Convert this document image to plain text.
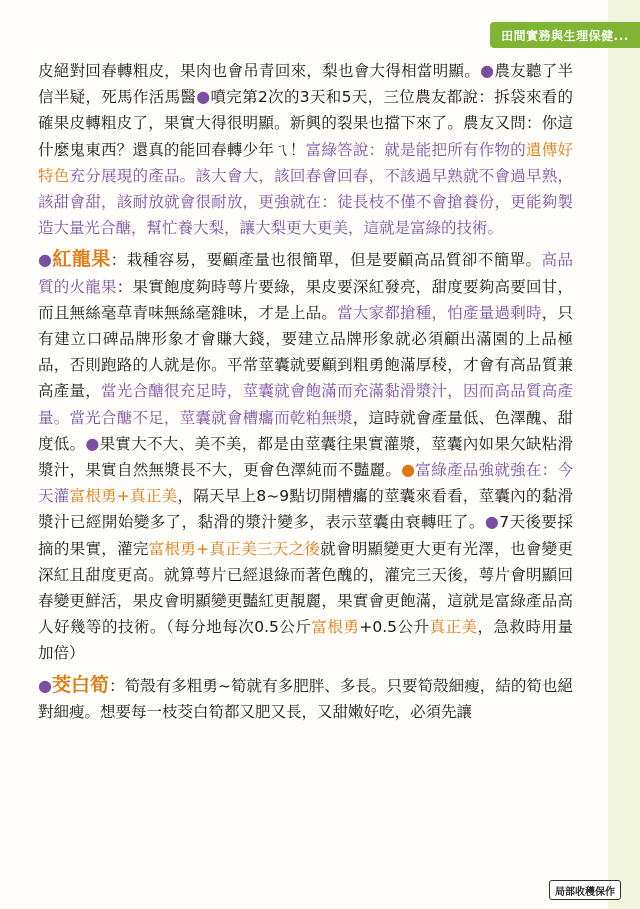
田間實務與生理保健...

皮絕對回春轉粗皮，果肉也會吊青回來，梨也會大得相當明顯。●農友聽了半信半疑，死馬作活馬醫●噴完第2次的3天和5天，三位農友都說：拆袋來看的確果皮轉粗皮了，果實大得很明顯。新興的裂果也擋下來了。農友又問：你這什麼鬼東西？還真的能回春轉少年ㄟ！富綠答說：就是能把所有作物的遺傳好特色充分展現的產品。該大會大，該回春會回春，不該過早熟就不會過早熟，該甜會甜，該耐放就會很耐放，更強就在：徒長枝不僅不會搶養份，更能夠製造大量光合醣，幫忙養大梨，讓大梨更大更美，這就是富綠的技術。

●紅龍果：栽種容易，要顧產量也很簡單，但是要顧高品質卻不簡單。高品質的火龍果：果實飽度夠時萼片要綠，果皮要深紅發亮，甜度要夠高要回甘，而且無絲毫草青味無絲毫雜味，才是上品。當大家都搶種，怕產量過剩時，只有建立口碑品牌形象才會賺大錢，要建立品牌形象就必須顧出滿園的上品極品，否則跑路的人就是你。平常莖囊就要顧到粗勇飽滿厚稜，才會有高品質兼高產量，當光合醣很充足時，莖囊就會飽滿而充滿黏滑漿汁，因而高品質高產量。當光合醣不足，莖囊就會槽癟而乾粕無漿，這時就會產量低、色澤醜、甜度低。●果實大不大、美不美，都是由莖囊往果實灌漿，莖囊內如果欠缺粘滑漿汁，果實自然無漿長不大，更會色澤純而不豔麗。●富綠產品強就強在：今天灌富根勇+真正美，隔天早上8~9點切開槽癟的莖囊來看看，莖囊內的黏滑漿汁已經開始變多了，黏滑的漿汁變多，表示莖囊由衰轉旺了。●7天後要採摘的果實，灌完富根勇+真正美三天之後就會明顯變更大更有光澤，也會變更深紅且甜度更高。就算萼片已經退綠而著色醜的，灌完三天後，萼片會明顯回春變更鮮活，果皮會明顯變更豔紅更靚麗，果實會更飽滿，這就是富綠產品高人好幾等的技術。（每分地每次0.5公斤富根勇+0.5公升真正美，急救時用量加倍）

●茭白筍：筍殼有多粗勇~筍就有多肥胖、多長。只要筍殼細瘦，結的筍也絕對細瘦。想要每一枝茭白筍都又肥又長，又甜嫩好吃，必須先讓

局部收穫保作
